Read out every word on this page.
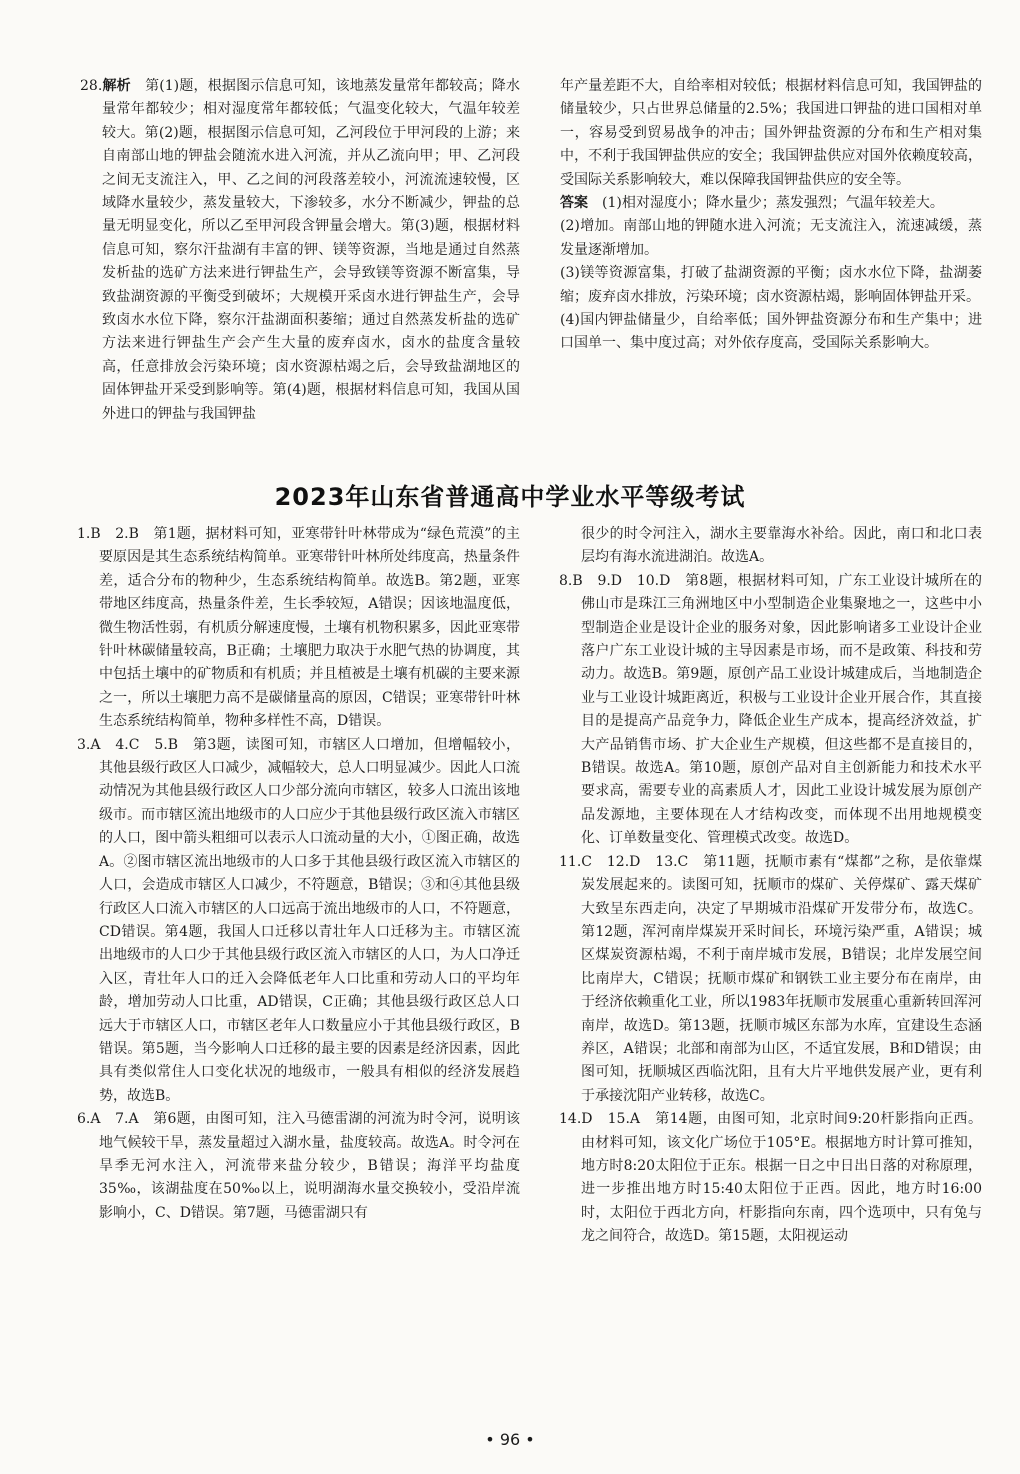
28.解析　 第(1)题，根据图示信息可知，该地蒸发量常年都较高；降水量常年都较少；相对湿度常年都较低；气温变化较大，气温年较差较大。第(2)题，根据图示信息可知，乙河段位于甲河段的上游；来自南部山地的钾盐会随流水进入河流，并从乙流向甲；甲、乙河段之间无支流注入，甲、乙之间的河段落差较小，河流流速较慢，区域降水量较少，蒸发量较大，下渗较多，水分不断减少，钾盐的总量无明显变化，所以乙至甲河段含钾量会增大。第(3)题，根据材料信息可知，察尔汗盐湖有丰富的钾、镁等资源，当地是通过自然蒸发析盐的选矿方法来进行钾盐生产，会导致镁等资源不断富集，导致盐湖资源的平衡受到破坏；大规模开采卤水进行钾盐生产，会导致卤水水位下降，察尔汗盐湖面积萎缩；通过自然蒸发析盐的选矿方法来进行钾盐生产会产生大量的废弃卤水，卤水的盐度含量较高，任意排放会污染环境；卤水资源枯竭之后，会导致盐湖地区的固体钾盐开采受到影响等。第(4)题，根据材料信息可知，我国从国外进口的钾盐与我国钾盐

年产量差距不大，自给率相对较低；根据材料信息可知，我国钾盐的储量较少，只占世界总储量的2.5%；我国进口钾盐的进口国相对单一，容易受到贸易战争的冲击；国外钾盐资源的分布和生产相对集中，不利于我国钾盐供应的安全；我国钾盐供应对国外依赖度较高，受国际关系影响较大，难以保障我国钾盐供应的安全等。

答案　 (1)相对湿度小；降水量少；蒸发强烈；气温年较差大。

(2)增加。南部山地的钾随水进入河流；无支流注入，流速减缓，蒸发量逐渐增加。

(3)镁等资源富集，打破了盐湖资源的平衡；卤水水位下降，盐湖萎缩；废弃卤水排放，污染环境；卤水资源枯竭，影响固体钾盐开采。

(4)国内钾盐储量少，自给率低；国外钾盐资源分布和生产集中；进口国单一、集中度过高；对外依存度高，受国际关系影响大。

2023年山东省普通高中学业水平等级考试

1.B　2.B　 第1题，据材料可知，亚寒带针叶林带成为“绿色荒漠”的主要原因是其生态系统结构简单。亚寒带针叶林所处纬度高，热量条件差，适合分布的物种少，生态系统结构简单。故选B。第2题，亚寒带地区纬度高，热量条件差，生长季较短，A错误；因该地温度低，微生物活性弱，有机质分解速度慢，土壤有机物积累多，因此亚寒带针叶林碳储量较高，B正确；土壤肥力取决于水肥气热的协调度，其中包括土壤中的矿物质和有机质；并且植被是土壤有机碳的主要来源之一，所以土壤肥力高不是碳储量高的原因，C错误；亚寒带针叶林生态系统结构简单，物种多样性不高，D错误。

3.A　4.C　5.B　 第3题，读图可知，市辖区人口增加，但增幅较小，其他县级行政区人口减少，减幅较大，总人口明显减少。因此人口流动情况为其他县级行政区人口少部分流向市辖区，较多人口流出该地级市。而市辖区流出地级市的人口应少于其他县级行政区流入市辖区的人口，图中箭头粗细可以表示人口流动量的大小，①图正确，故选A。②图市辖区流出地级市的人口多于其他县级行政区流入市辖区的人口，会造成市辖区人口减少，不符题意，B错误；③和④其他县级行政区人口流入市辖区的人口远高于流出地级市的人口，不符题意，CD错误。第4题，我国人口迁移以青壮年人口迁移为主。市辖区流出地级市的人口少于其他县级行政区流入市辖区的人口，为人口净迁入区，青壮年人口的迁入会降低老年人口比重和劳动人口的平均年龄，增加劳动人口比重，AD错误，C正确；其他县级行政区总人口远大于市辖区人口，市辖区老年人口数量应小于其他县级行政区，B错误。第5题，当今影响人口迁移的最主要的因素是经济因素，因此具有类似常住人口变化状况的地级市，一般具有相似的经济发展趋势，故选B。

6.A　7.A　 第6题，由图可知，注入马德雷湖的河流为时令河，说明该地气候较干旱，蒸发量超过入湖水量，盐度较高。故选A。时令河在旱季无河水注入，河流带来盐分较少，B错误；海洋平均盐度35‰，该湖盐度在50‰以上，说明湖海水量交换较小，受沿岸流影响小，C、D错误。第7题，马德雷湖只有

很少的时令河注入，湖水主要靠海水补给。因此，南口和北口表层均有海水流进湖泊。故选A。

8.B　9.D　10.D　 第8题，根据材料可知，广东工业设计城所在的佛山市是珠江三角洲地区中小型制造企业集聚地之一，这些中小型制造企业是设计企业的服务对象，因此影响诸多工业设计企业落户广东工业设计城的主导因素是市场，而不是政策、科技和劳动力。故选B。第9题，原创产品工业设计城建成后，当地制造企业与工业设计城距离近，积极与工业设计企业开展合作，其直接目的是提高产品竞争力，降低企业生产成本，提高经济效益，扩大产品销售市场、扩大企业生产规模，但这些都不是直接目的，B错误。故选A。第10题，原创产品对自主创新能力和技术水平要求高，需要专业的高素质人才，因此工业设计城发展为原创产品发源地，主要体现在人才结构改变，而体现不出用地规模变化、订单数量变化、管理模式改变。故选D。

11.C　12.D　13.C　 第11题，抚顺市素有“煤都”之称，是依靠煤炭发展起来的。读图可知，抚顺市的煤矿、关停煤矿、露天煤矿大致呈东西走向，决定了早期城市沿煤矿开发带分布，故选C。第12题，浑河南岸煤炭开采时间长，环境污染严重，A错误；城区煤炭资源枯竭，不利于南岸城市发展，B错误；北岸发展空间比南岸大，C错误；抚顺市煤矿和钢铁工业主要分布在南岸，由于经济依赖重化工业，所以1983年抚顺市发展重心重新转回浑河南岸，故选D。第13题，抚顺市城区东部为水库，宜建设生态涵养区，A错误；北部和南部为山区，不适宜发展，B和D错误；由图可知，抚顺城区西临沈阳，且有大片平地供发展产业，更有利于承接沈阳产业转移，故选C。

14.D　15.A　 第14题，由图可知，北京时间9:20杆影指向正西。由材料可知，该文化广场位于105°E。根据地方时计算可推知，地方时8:20太阳位于正东。根据一日之中日出日落的对称原理，进一步推出地方时15:40太阳位于正西。因此，地方时16:00时，太阳位于西北方向，杆影指向东南，四个选项中，只有兔与龙之间符合，故选D。第15题，太阳视运动

• 96 •
